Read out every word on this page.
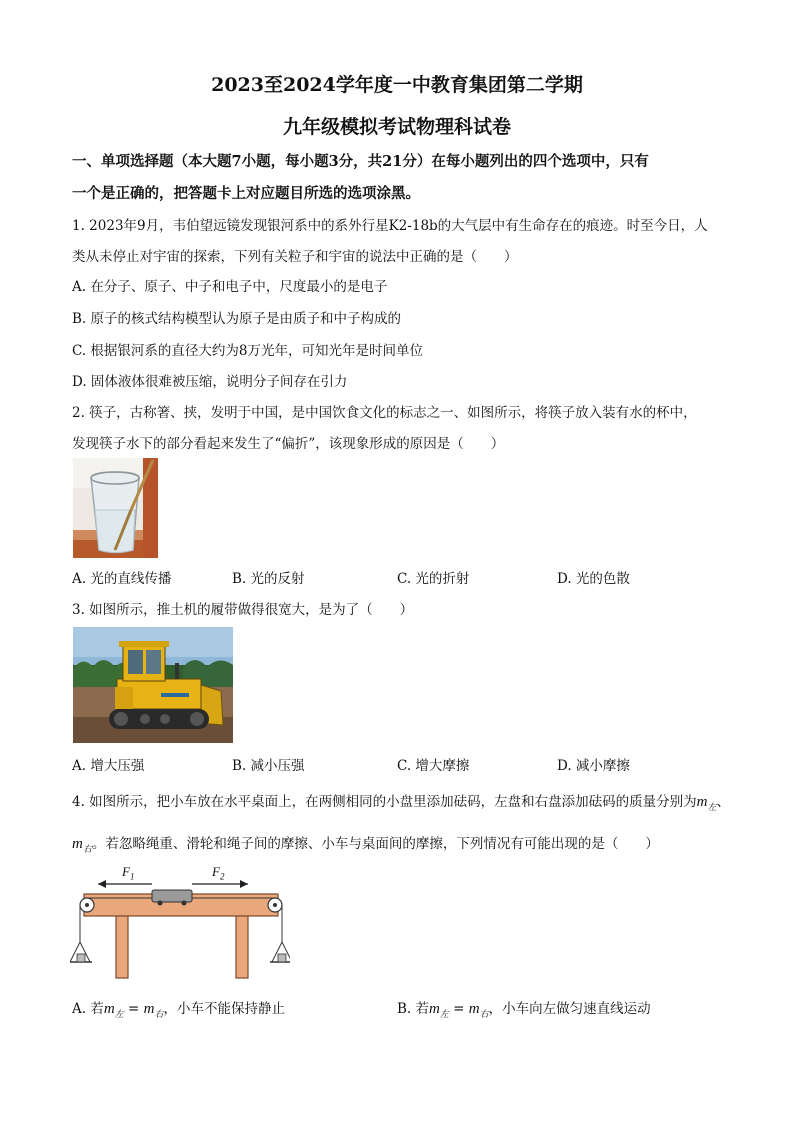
2023至2024学年度一中教育集团第二学期
九年级模拟考试物理科试卷
一、单项选择题（本大题7小题，每小题3分，共21分）在每小题列出的四个选项中，只有
一个是正确的，把答题卡上对应题目所选的选项涂黑。
1. 2023年9月，韦伯望远镜发现银河系中的系外行星K2-18b的大气层中有生命存在的痕迹。时至今日，人
类从未停止对宇宙的探索，下列有关粒子和宇宙的说法中正确的是（　　）
A. 在分子、原子、中子和电子中，尺度最小的是电子
B. 原子的核式结构模型认为原子是由质子和中子构成的
C. 根据银河系的直径大约为8万光年，可知光年是时间单位
D. 固体液体很难被压缩，说明分子间存在引力
2. 筷子，古称箸、挟，发明于中国，是中国饮食文化的标志之一、如图所示，将筷子放入装有水的杯中，
发现筷子水下的部分看起来发生了“偏折”，该现象形成的原因是（　　）
A. 光的直线传播	B. 光的反射	C. 光的折射	D. 光的色散
3. 如图所示，推土机的履带做得很宽大，是为了（　　）
A. 增大压强	B. 减小压强	C. 增大摩擦	D. 减小摩擦
4. 如图所示，把小车放在水平桌面上，在两侧相同的小盘里添加砝码，左盘和右盘添加砝码的质量分别为$m_左$、
$m_右$。若忽略绳重、滑轮和绳子间的摩擦、小车与桌面间的摩擦，下列情况有可能出现的是（　　）
$F_1$	$F_2$
A. 若$m_左 = m_右$，小车不能保持静止	B. 若$m_左 = m_右$，小车向左做匀速直线运动
